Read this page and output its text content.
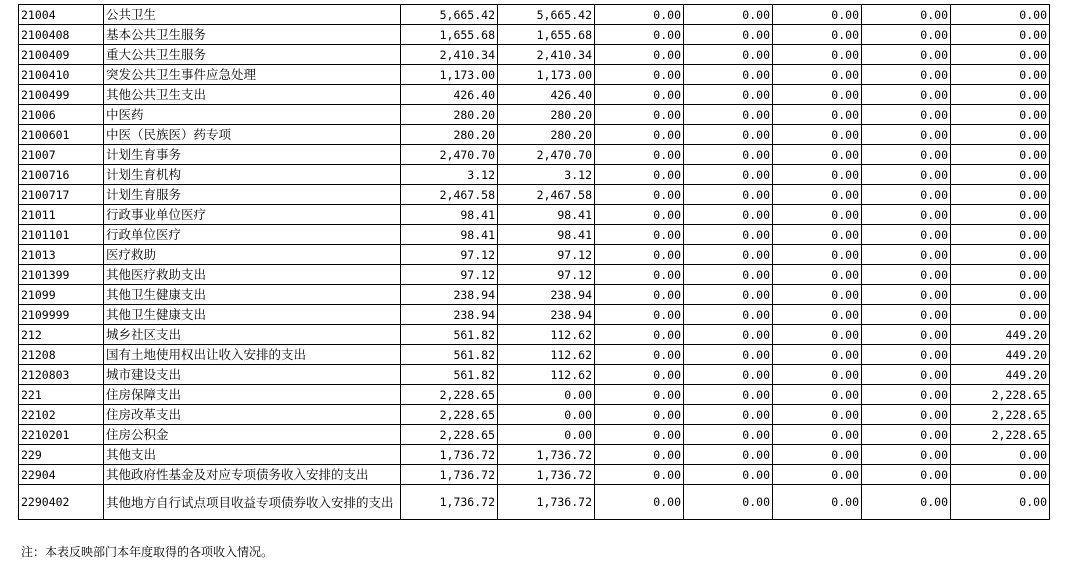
21004	公共卫生	5,665.42	5,665.42	0.00	0.00	0.00	0.00	0.00
2100408	基本公共卫生服务	1,655.68	1,655.68	0.00	0.00	0.00	0.00	0.00
2100409	重大公共卫生服务	2,410.34	2,410.34	0.00	0.00	0.00	0.00	0.00
2100410	突发公共卫生事件应急处理	1,173.00	1,173.00	0.00	0.00	0.00	0.00	0.00
2100499	其他公共卫生支出	426.40	426.40	0.00	0.00	0.00	0.00	0.00
21006	中医药	280.20	280.20	0.00	0.00	0.00	0.00	0.00
2100601	中医（民族医）药专项	280.20	280.20	0.00	0.00	0.00	0.00	0.00
21007	计划生育事务	2,470.70	2,470.70	0.00	0.00	0.00	0.00	0.00
2100716	计划生育机构	3.12	3.12	0.00	0.00	0.00	0.00	0.00
2100717	计划生育服务	2,467.58	2,467.58	0.00	0.00	0.00	0.00	0.00
21011	行政事业单位医疗	98.41	98.41	0.00	0.00	0.00	0.00	0.00
2101101	行政单位医疗	98.41	98.41	0.00	0.00	0.00	0.00	0.00
21013	医疗救助	97.12	97.12	0.00	0.00	0.00	0.00	0.00
2101399	其他医疗救助支出	97.12	97.12	0.00	0.00	0.00	0.00	0.00
21099	其他卫生健康支出	238.94	238.94	0.00	0.00	0.00	0.00	0.00
2109999	其他卫生健康支出	238.94	238.94	0.00	0.00	0.00	0.00	0.00
212	城乡社区支出	561.82	112.62	0.00	0.00	0.00	0.00	449.20
21208	国有土地使用权出让收入安排的支出	561.82	112.62	0.00	0.00	0.00	0.00	449.20
2120803	城市建设支出	561.82	112.62	0.00	0.00	0.00	0.00	449.20
221	住房保障支出	2,228.65	0.00	0.00	0.00	0.00	0.00	2,228.65
22102	住房改革支出	2,228.65	0.00	0.00	0.00	0.00	0.00	2,228.65
2210201	住房公积金	2,228.65	0.00	0.00	0.00	0.00	0.00	2,228.65
229	其他支出	1,736.72	1,736.72	0.00	0.00	0.00	0.00	0.00
22904	其他政府性基金及对应专项债务收入安排的支出	1,736.72	1,736.72	0.00	0.00	0.00	0.00	0.00
2290402	其他地方自行试点项目收益专项债券收入安排的支出	1,736.72	1,736.72	0.00	0.00	0.00	0.00	0.00
注：本表反映部门本年度取得的各项收入情况。
